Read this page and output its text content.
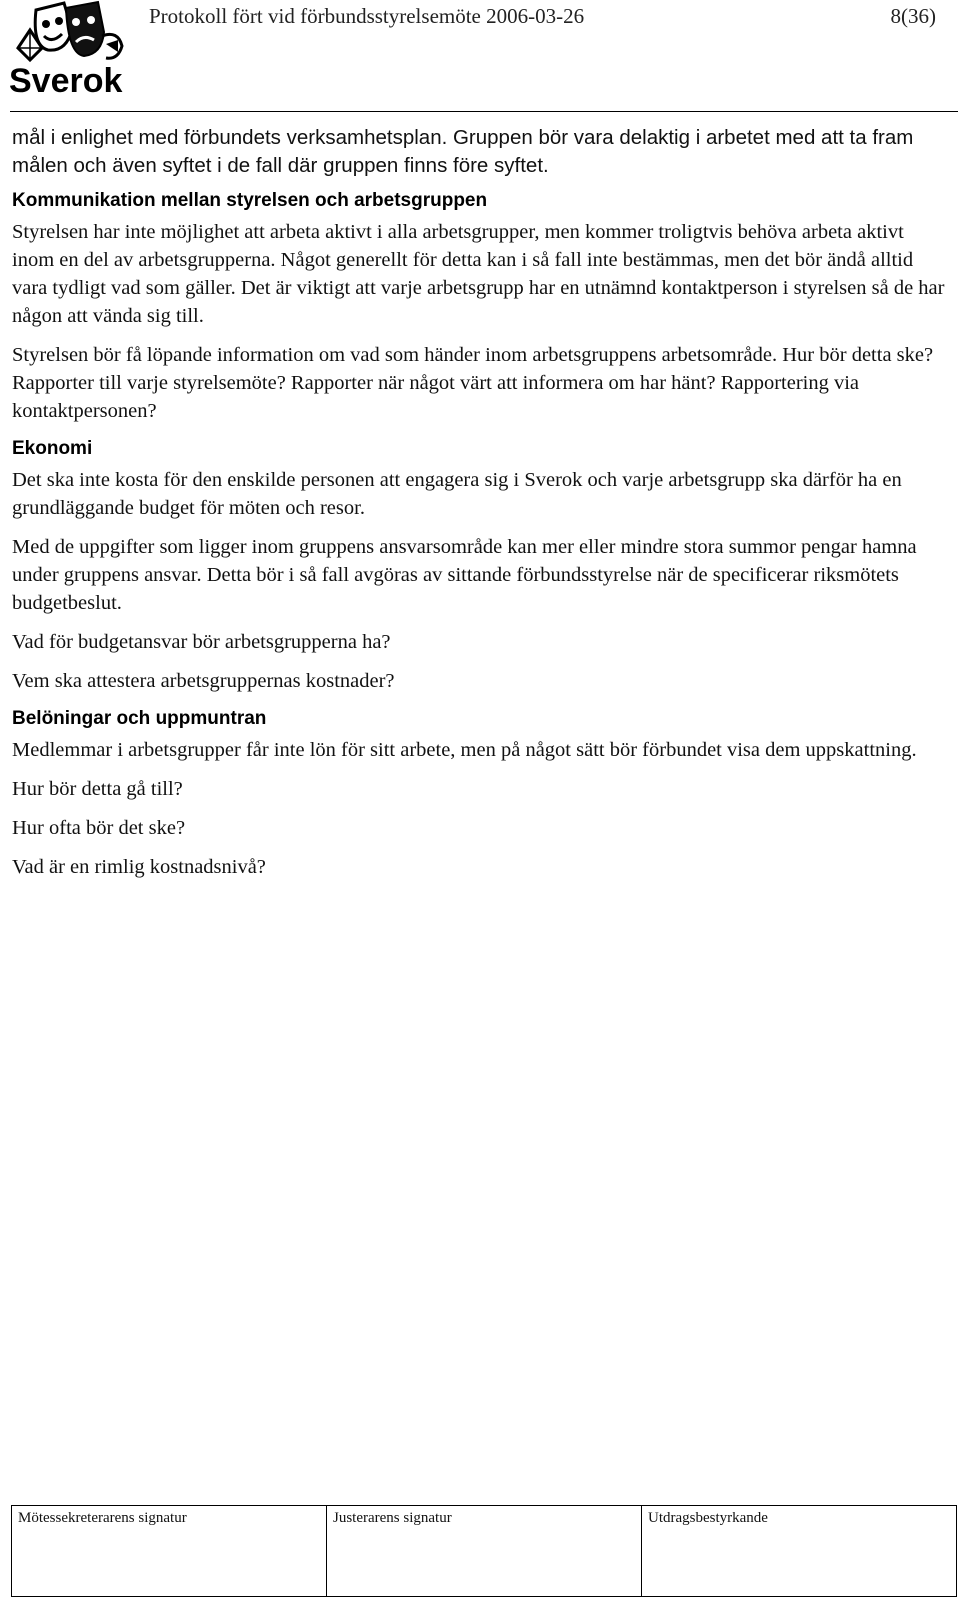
Sverok
Protokoll fört vid förbundsstyrelsemöte 2006-03-26	8(36)

mål i enlighet med förbundets verksamhetsplan. Gruppen bör vara delaktig i arbetet med att ta fram målen och även syftet i de fall där gruppen finns före syftet.

Kommunikation mellan styrelsen och arbetsgruppen

Styrelsen har inte möjlighet att arbeta aktivt i alla arbetsgrupper, men kommer troligtvis behöva arbeta aktivt inom en del av arbetsgrupperna. Något generellt för detta kan i så fall inte bestämmas, men det bör ändå alltid vara tydligt vad som gäller. Det är viktigt att varje arbetsgrupp har en utnämnd kontaktperson i styrelsen så de har någon att vända sig till.

Styrelsen bör få löpande information om vad som händer inom arbetsgruppens arbetsområde. Hur bör detta ske? Rapporter till varje styrelsemöte? Rapporter när något värt att informera om har hänt? Rapportering via kontaktpersonen?

Ekonomi

Det ska inte kosta för den enskilde personen att engagera sig i Sverok och varje arbetsgrupp ska därför ha en grundläggande budget för möten och resor.

Med de uppgifter som ligger inom gruppens ansvarsområde kan mer eller mindre stora summor pengar hamna under gruppens ansvar. Detta bör i så fall avgöras av sittande förbundsstyrelse när de specificerar riksmötets budgetbeslut.

Vad för budgetansvar bör arbetsgrupperna ha?

Vem ska attestera arbetsgruppernas kostnader?

Belöningar och uppmuntran

Medlemmar i arbetsgrupper får inte lön för sitt arbete, men på något sätt bör förbundet visa dem uppskattning.

Hur bör detta gå till?

Hur ofta bör det ske?

Vad är en rimlig kostnadsnivå?

Mötessekreterarens signatur	Justerarens signatur	Utdragsbestyrkande
